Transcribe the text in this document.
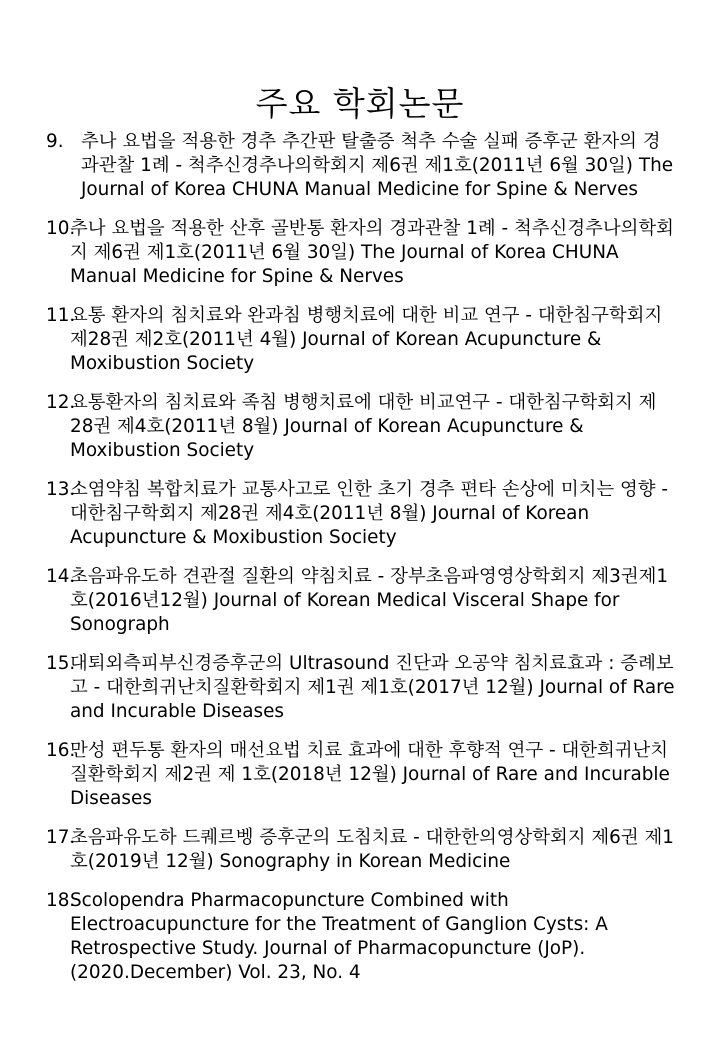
주요 학회논문
9. 추나 요법을 적용한 경추 추간판 탈출증 척추 수술 실패 증후군 환자의 경과관찰 1례 - 척추신경추나의학회지 제6권 제1호(2011년 6월 30일) The Journal of Korea CHUNA Manual Medicine for Spine & Nerves
10.
추나 요법을 적용한 산후 골반통 환자의 경과관찰 1례 - 척추신경추나의학회지 제6권 제1호(2011년 6월 30일) The Journal of Korea CHUNA Manual Medicine for Spine & Nerves
11.
요통 환자의 침치료와 완과침 병행치료에 대한 비교 연구 - 대한침구학회지 제28권 제2호(2011년 4월) Journal of Korean Acupuncture & Moxibustion Society
12.
요통환자의 침치료와 족침 병행치료에 대한 비교연구 - 대한침구학회지 제28권 제4호(2011년 8월) Journal of Korean Acupuncture & Moxibustion Society
13.
소염약침 복합치료가 교통사고로 인한 초기 경추 편타 손상에 미치는 영향 - 대한침구학회지 제28권 제4호(2011년 8월) Journal of Korean Acupuncture & Moxibustion Society
14.
초음파유도하 견관절 질환의 약침치료 - 장부초음파영영상학회지 제3권제1호(2016년12월) Journal of Korean Medical Visceral Shape for Sonograph
15.
대퇴외측피부신경증후군의 Ultrasound 진단과 오공약 침치료효과 : 증례보고 - 대한희귀난치질환학회지 제1권 제1호(2017년 12월) Journal of Rare and Incurable Diseases
16.
만성 편두통 환자의 매선요법 치료 효과에 대한 후향적 연구 - 대한희귀난치질환학회지 제2권 제 1호(2018년 12월) Journal of Rare and Incurable Diseases
17.
초음파유도하 드퀘르벵 증후군의 도침치료 - 대한한의영상학회지 제6권 제1호(2019년 12월) Sonography in Korean Medicine
18.
Scolopendra Pharmacopuncture Combined with Electroacupuncture for the Treatment of Ganglion Cysts: A Retrospective Study. Journal of Pharmacopuncture (JoP). (2020.December) Vol. 23, No. 4
